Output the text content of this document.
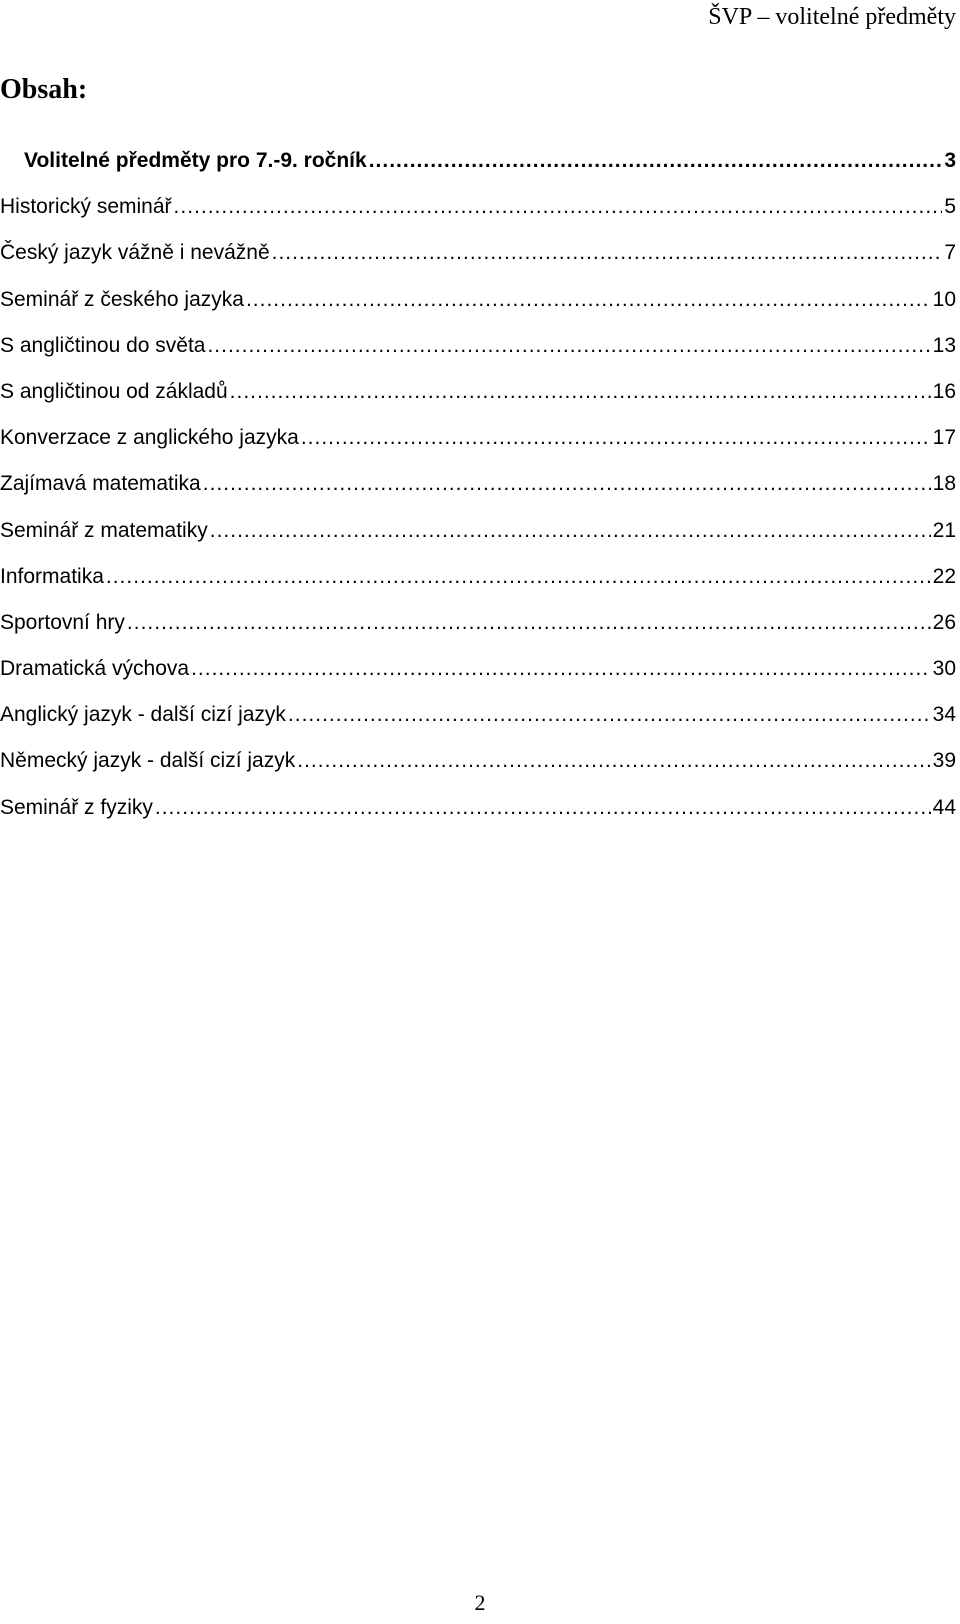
ŠVP – volitelné předměty
Obsah:
Volitelné předměty pro 7.-9. ročník .....	3
Historický seminář .....	5
Český jazyk vážně i nevážně .....	7
Seminář z českého jazyka .....	10
S angličtinou do světa .....	13
S angličtinou od základů .....	16
Konverzace z anglického jazyka .....	17
Zajímavá matematika .....	18
Seminář z matematiky .....	21
Informatika .....	22
Sportovní hry .....	26
Dramatická výchova .....	30
Anglický jazyk - další cizí jazyk .....	34
Německý jazyk - další cizí jazyk .....	39
Seminář z fyziky .....	44
2
